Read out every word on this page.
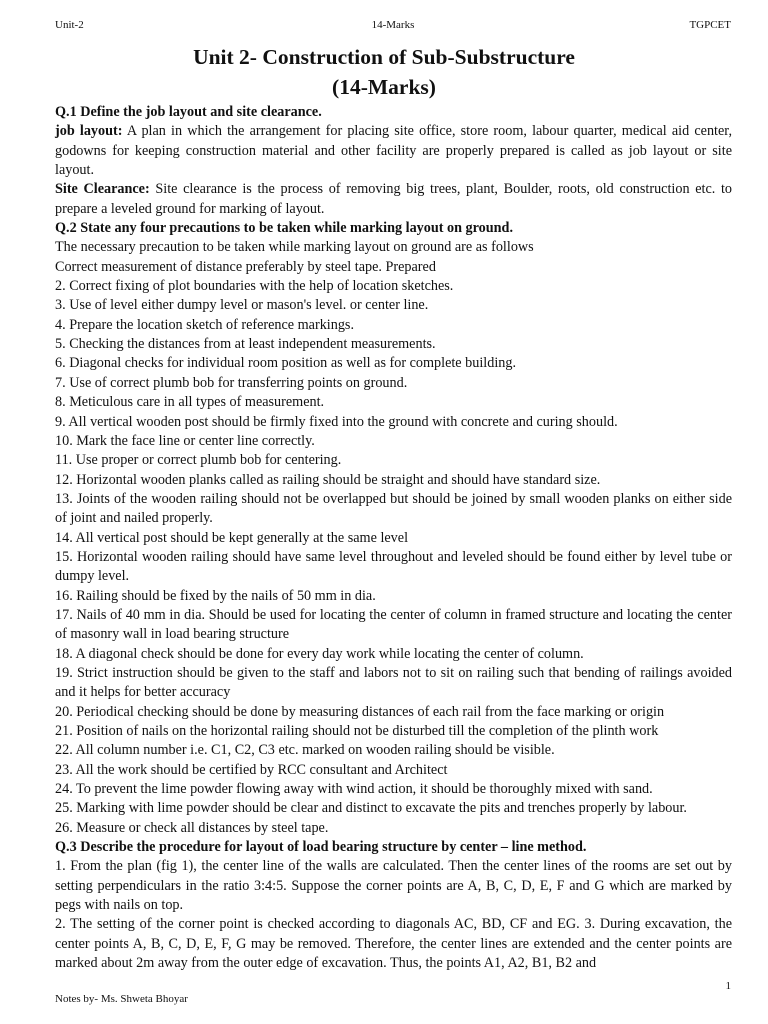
Unit-2	14-Marks	TGPCET
Unit 2- Construction of Sub-Substructure
(14-Marks)

Q.1 Define the job layout and site clearance.

job layout: A plan in which the arrangement for placing site office, store room, labour quarter, medical aid center, godowns for keeping construction material and other facility are properly prepared is called as job layout or site layout.

Site Clearance: Site clearance is the process of removing big trees, plant, Boulder, roots, old construction etc. to prepare a leveled ground for marking of layout.

Q.2 State any four precautions to be taken while marking layout on ground.

The necessary precaution to be taken while marking layout on ground are as follows

Correct measurement of distance preferably by steel tape. Prepared

2. Correct fixing of plot boundaries with the help of location sketches.

3. Use of level either dumpy level or mason's level. or center line.

4. Prepare the location sketch of reference markings.

5. Checking the distances from at least independent measurements.

6. Diagonal checks for individual room position as well as for complete building.

7. Use of correct plumb bob for transferring points on ground.

8. Meticulous care in all types of measurement.

9. All vertical wooden post should be firmly fixed into the ground with concrete and curing should.

10. Mark the face line or center line correctly.

11. Use proper or correct plumb bob for centering.

12. Horizontal wooden planks called as railing should be straight and should have standard size.

13. Joints of the wooden railing should not be overlapped but should be joined by small wooden planks on either side of joint and nailed properly.

14. All vertical post should be kept generally at the same level

15. Horizontal wooden railing should have same level throughout and leveled should be found either by level tube or dumpy level.

16. Railing should be fixed by the nails of 50 mm in dia.

17. Nails of 40 mm in dia. Should be used for locating the center of column in framed structure and locating the center of masonry wall in load bearing structure

18. A diagonal check should be done for every day work while locating the center of column.

19. Strict instruction should be given to the staff and labors not to sit on railing such that bending of railings avoided and it helps for better accuracy

20. Periodical checking should be done by measuring distances of each rail from the face marking or origin

21. Position of nails on the horizontal railing should not be disturbed till the completion of the plinth work

22. All column number i.e. C1, C2, C3 etc. marked on wooden railing should be visible.

23. All the work should be certified by RCC consultant and Architect

24. To prevent the lime powder flowing away with wind action, it should be thoroughly mixed with sand.

25. Marking with lime powder should be clear and distinct to excavate the pits and trenches properly by labour.

26. Measure or check all distances by steel tape.

Q.3 Describe the procedure for layout of load bearing structure by center – line method.

1. From the plan (fig 1), the center line of the walls are calculated. Then the center lines of the rooms are set out by setting perpendiculars in the ratio 3:4:5. Suppose the corner points are A, B, C, D, E, F and G which are marked by pegs with nails on top.

2. The setting of the corner point is checked according to diagonals AC, BD, CF and EG. 3. During excavation, the center points A, B, C, D, E, F, G may be removed. Therefore, the center lines are extended and the center points are marked about 2m away from the outer edge of excavation. Thus, the points A1, A2, B1, B2 and

1
Notes by- Ms. Shweta Bhoyar
